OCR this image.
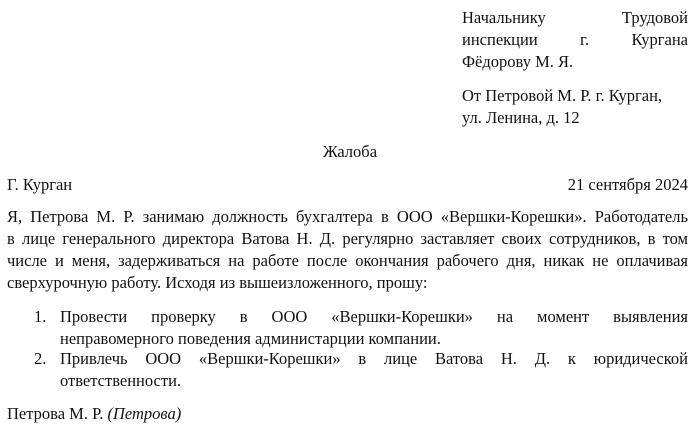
Начальнику Трудовой
инспекции г. Кургана
Фёдорову М. Я.
От Петровой М. Р. г. Курган,
ул. Ленина, д. 12
Жалоба
Г. Курган	21 сентября 2024
Я, Петрова М. Р. занимаю должность бухгалтера в ООО «Вершки-Корешки». Работодатель
в лице генерального директора Ватова Н. Д. регулярно заставляет своих сотрудников, в том
числе и меня, задерживаться на работе после окончания рабочего дня, никак не оплачивая
сверхурочную работу. Исходя из вышеизложенного, прошу:
1. Провести проверку в ООО «Вершки-Корешки» на момент выявления
неправомерного поведения администарции компании.
2. Привлечь ООО «Вершки-Корешки» в лице Ватова Н. Д. к юридической
ответственности.
Петрова М. Р. (Петрова)
